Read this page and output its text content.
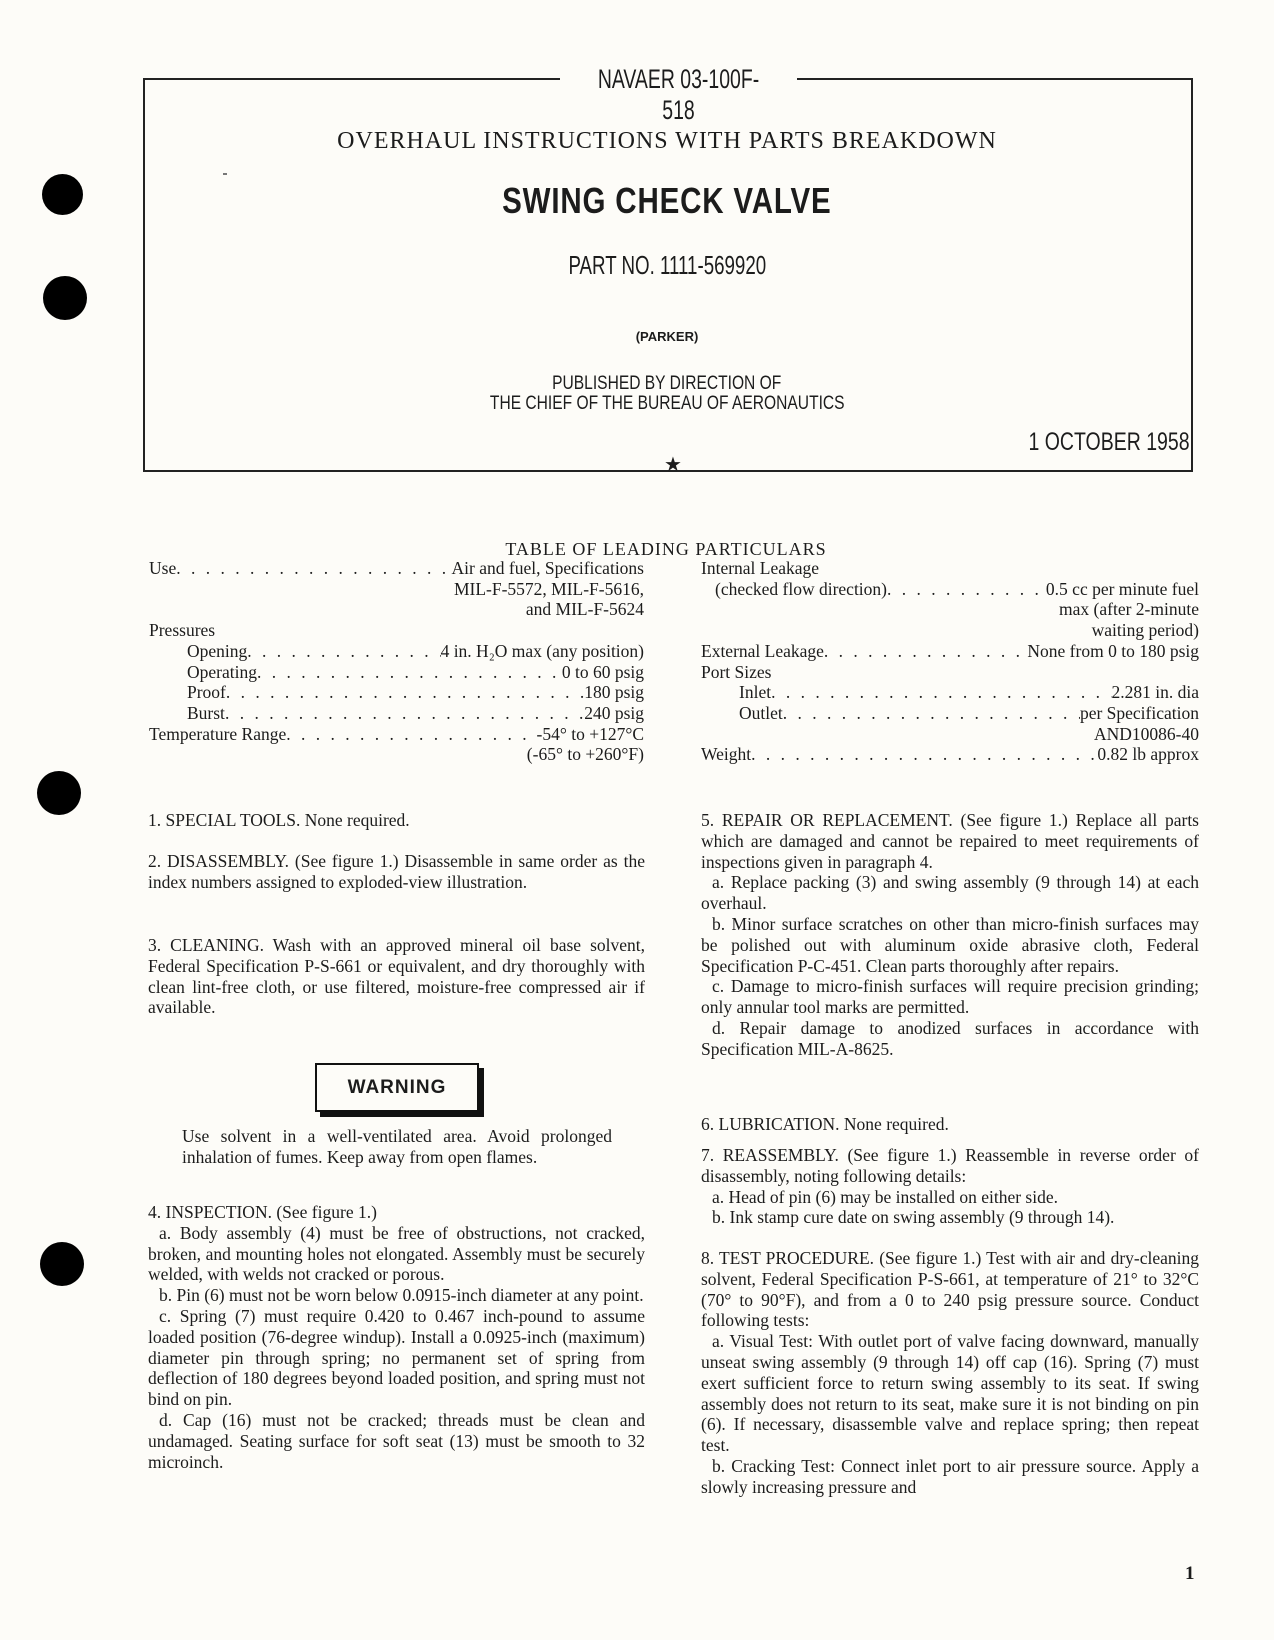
NAVAER 03-100F-518
OVERHAUL INSTRUCTIONS WITH PARTS BREAKDOWN
SWING CHECK VALVE
PART NO. 1111-569920
(PARKER)
PUBLISHED BY DIRECTION OF
THE CHIEF OF THE BUREAU OF AERONAUTICS
1 OCTOBER 1958
★
TABLE OF LEADING PARTICULARS
Use . . .	Air and fuel, Specifications
MIL-F-5572, MIL-F-5616,
and MIL-F-5624
Pressures
Opening . . .	4 in. H₂O max (any position)
Operating . . .	0 to 60 psig
Proof . . .	180 psig
Burst . . .	240 psig
Temperature Range . . .	-54° to +127°C
(-65° to +260°F)
Internal Leakage
(checked flow direction) . . .	0.5 cc per minute fuel
max (after 2-minute
waiting period)
External Leakage . . .	None from 0 to 180 psig
Port Sizes
Inlet . . .	2.281 in. dia
Outlet . . .	per Specification
AND10086-40
Weight . . .	0.82 lb approx

1. SPECIAL TOOLS. None required.

2. DISASSEMBLY. (See figure 1.) Disassemble in same order as the index numbers assigned to exploded-view illustration.

3. CLEANING. Wash with an approved mineral oil base solvent, Federal Specification P-S-661 or equivalent, and dry thoroughly with clean lint-free cloth, or use filtered, moisture-free compressed air if available.

WARNING

Use solvent in a well-ventilated area. Avoid prolonged inhalation of fumes. Keep away from open flames.

4. INSPECTION. (See figure 1.)

a. Body assembly (4) must be free of obstructions, not cracked, broken, and mounting holes not elongated. Assembly must be securely welded, with welds not cracked or porous.

b. Pin (6) must not be worn below 0.0915-inch diameter at any point.

c. Spring (7) must require 0.420 to 0.467 inch-pound to assume loaded position (76-degree windup). Install a 0.0925-inch (maximum) diameter pin through spring; no permanent set of spring from deflection of 180 degrees beyond loaded position, and spring must not bind on pin.

d. Cap (16) must not be cracked; threads must be clean and undamaged. Seating surface for soft seat (13) must be smooth to 32 microinch.

5. REPAIR OR REPLACEMENT. (See figure 1.) Replace all parts which are damaged and cannot be repaired to meet requirements of inspections given in paragraph 4.

a. Replace packing (3) and swing assembly (9 through 14) at each overhaul.

b. Minor surface scratches on other than micro-finish surfaces may be polished out with aluminum oxide abrasive cloth, Federal Specification P-C-451. Clean parts thoroughly after repairs.

c. Damage to micro-finish surfaces will require precision grinding; only annular tool marks are permitted.

d. Repair damage to anodized surfaces in accordance with Specification MIL-A-8625.

6. LUBRICATION. None required.

7. REASSEMBLY. (See figure 1.) Reassemble in reverse order of disassembly, noting following details:

a. Head of pin (6) may be installed on either side.

b. Ink stamp cure date on swing assembly (9 through 14).

8. TEST PROCEDURE. (See figure 1.) Test with air and dry-cleaning solvent, Federal Specification P-S-661, at temperature of 21° to 32°C (70° to 90°F), and from a 0 to 240 psig pressure source. Conduct following tests:

a. Visual Test: With outlet port of valve facing downward, manually unseat swing assembly (9 through 14) off cap (16). Spring (7) must exert sufficient force to return swing assembly to its seat. If swing assembly does not return to its seat, make sure it is not binding on pin (6). If necessary, disassemble valve and replace spring; then repeat test.

b. Cracking Test: Connect inlet port to air pressure source. Apply a slowly increasing pressure and

1
